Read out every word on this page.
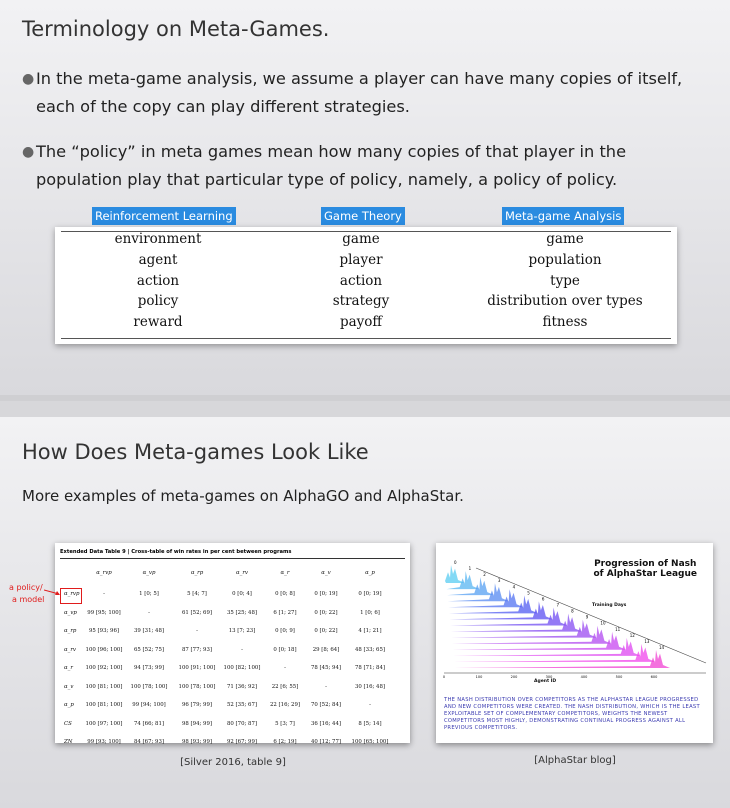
Terminology on Meta-Games.
● In the meta-game analysis, we assume a player can have many copies of itself, each of the copy can play different strategies.
● The “policy” in meta games mean how many copies of that player in the population play that particular type of policy, namely, a policy of policy.
Reinforcement Learning	Game Theory	Meta-game Analysis
environment	game	game
agent	player	population
action	action	type
policy	strategy	distribution over types
reward	payoff	fitness
How Does Meta-games Look Like
More examples of meta-games on AlphaGO and AlphaStar.
Extended Data Table 9 | Cross-table of win rates in per cent between programs
α_rvp	α_vp	α_rp	α_rv	α_r	α_v	α_p
α_rvp	-	1 [0; 5]	5 [4; 7]	0 [0; 4]	0 [0; 8]	0 [0; 19]	0 [0; 19]
α_vp 99 [95; 100]	-	61 [52; 69]	35 [25; 48]	6 [1; 27]	0 [0; 22]	1 [0; 6]
α_rp 95 [93; 96]	39 [31; 48]	-	13 [7; 23]	0 [0; 9]	0 [0; 22]	4 [1; 21]
α_rv 100 [96; 100] 65 [52; 75]	87 [77; 93]	-	0 [0; 18]	29 [8; 64]	48 [33; 65]
α_r 100 [92; 100] 94 [73; 99]	100 [91; 100] 100 [82; 100]	-	78 [45; 94]	78 [71; 84]
α_v 100 [81; 100] 100 [78; 100] 100 [78; 100] 71 [36; 92]	22 [6; 55]	-	30 [16; 48]
α_p 100 [81; 100] 99 [94; 100]	96 [79; 99]	52 [35; 67] 22 [16; 29] 70 [52; 84]	-
CS	100 [97; 100] 74 [66; 81]	98 [94; 99]	80 [70; 87]	5 [3; 7]	36 [16; 44]	8 [5; 14]
ZN	99 [93; 100] 84 [67; 93]	98 [93; 99]	92 [67; 99]	6 [2; 19]	40 [12; 77] 100 [65; 100]
a policy/
a model
[Silver 2016, table 9]
Progression of Nash
of AlphaStar League
0	100	200	300	400	500	600
0
1
2
3
4
5
6
7
8
9
10
11
12
13
14
Training Days
Agent ID
THE NASH DISTRIBUTION OVER COMPETITORS AS THE ALPHASTAR LEAGUE PROGRESSED AND NEW COMPETITORS WERE CREATED. THE NASH DISTRIBUTION, WHICH IS THE LEAST EXPLOITABLE SET OF COMPLEMENTARY COMPETITORS, WEIGHTS THE NEWEST COMPETITORS MOST HIGHLY, DEMONSTRATING CONTINUAL PROGRESS AGAINST ALL PREVIOUS COMPETITORS.
[AlphaStar blog]
